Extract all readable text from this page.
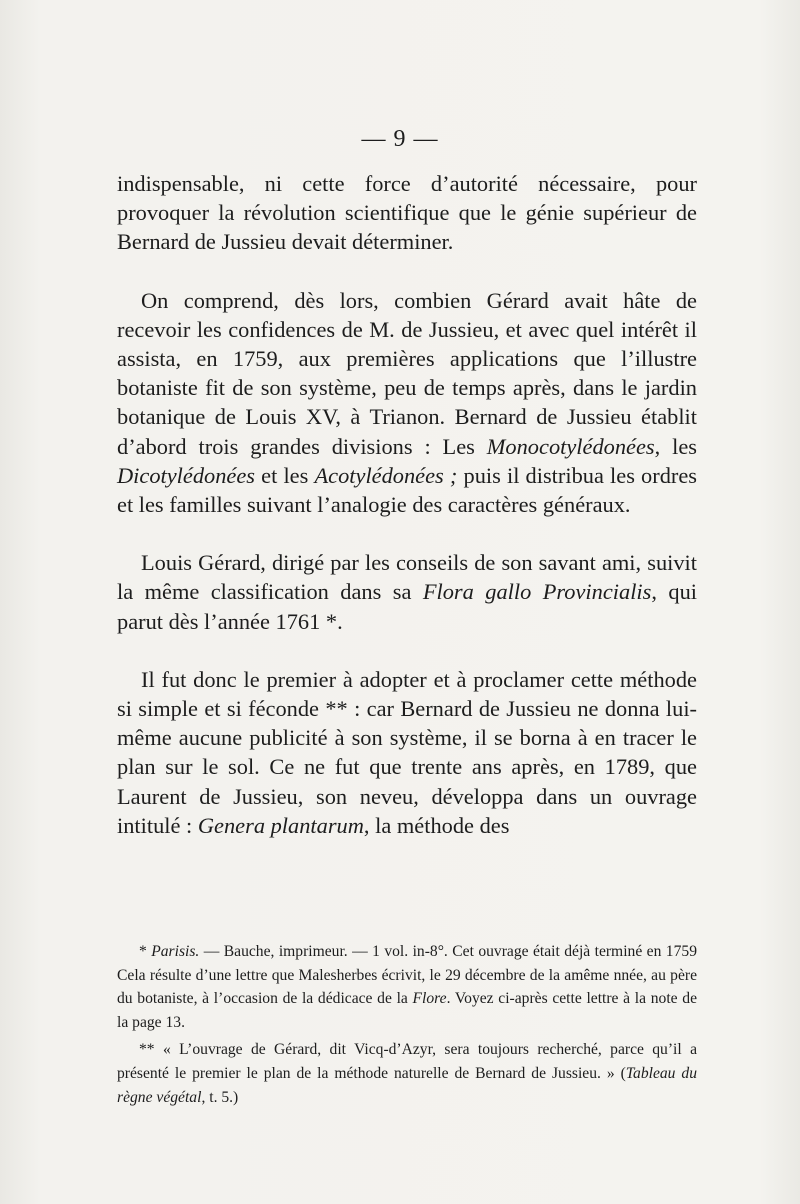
— 9 —

indispensable, ni cette force d’autorité nécessaire, pour provoquer la révolution scientifique que le génie supérieur de Bernard de Jussieu devait déterminer.

On comprend, dès lors, combien Gérard avait hâte de recevoir les confidences de M. de Jussieu, et avec quel intérêt il assista, en 1759, aux premières applications que l’illustre botaniste fit de son système, peu de temps après, dans le jardin botanique de Louis XV, à Trianon. Bernard de Jussieu établit d’abord trois grandes divisions : Les Monocotylédonées, les Dicotylédonées et les Acotylédonées ; puis il distribua les ordres et les familles suivant l’analogie des caractères généraux.

Louis Gérard, dirigé par les conseils de son savant ami, suivit la même classification dans sa Flora gallo Provincialis, qui parut dès l’année 1761 *.

Il fut donc le premier à adopter et à proclamer cette méthode si simple et si féconde ** : car Bernard de Jussieu ne donna lui-même aucune publicité à son système, il se borna à en tracer le plan sur le sol. Ce ne fut que trente ans après, en 1789, que Laurent de Jussieu, son neveu, développa dans un ouvrage intitulé : Genera plantarum, la méthode des

* Parisis. — Bauche, imprimeur. — 1 vol. in-8°. Cet ouvrage était déjà terminé en 1759 Cela résulte d’une lettre que Malesherbes écrivit, le 29 décembre de la amême nnée, au père du botaniste, à l’occasion de la dédicace de la Flore. Voyez ci-après cette lettre à la note de la page 13.

** « L’ouvrage de Gérard, dit Vicq-d’Azyr, sera toujours recherché, parce qu’il a présenté le premier le plan de la méthode naturelle de Bernard de Jussieu. » (Tableau du règne végétal, t. 5.)
